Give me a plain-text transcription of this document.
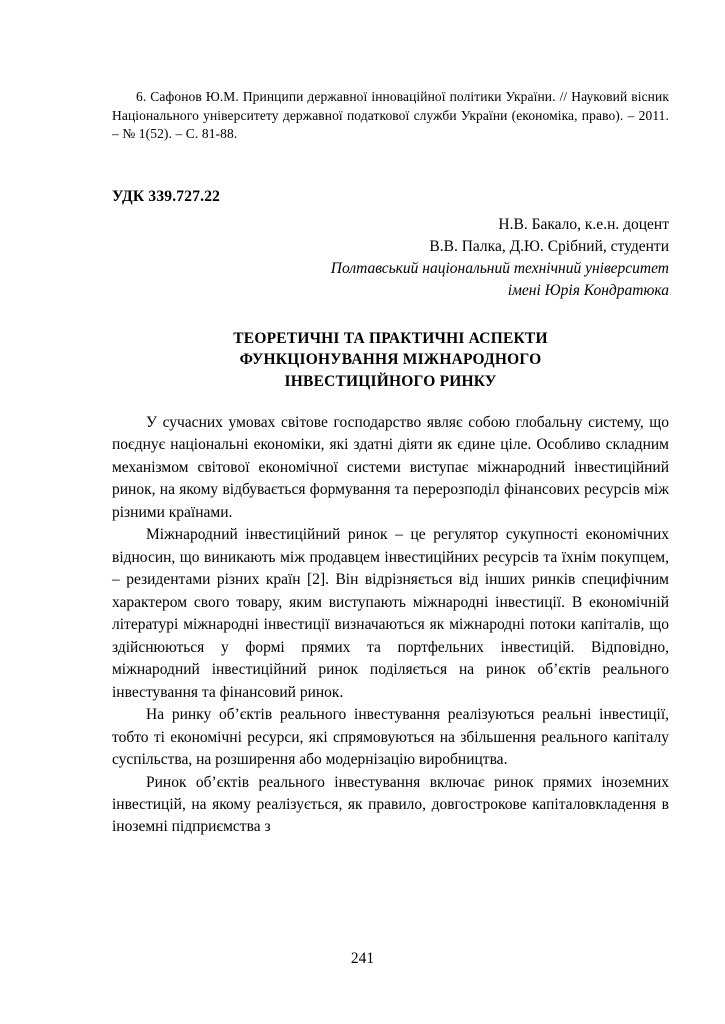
6. Сафонов Ю.М. Принципи державної інноваційної політики України. // Науковий вісник Національного університету державної податкової служби України (економіка, право). – 2011. – № 1(52). – С. 81-88.
УДК 339.727.22
Н.В. Бакало, к.е.н. доцент
В.В. Палка, Д.Ю. Срібний, студенти
Полтавський національний технічний університет
імені Юрія Кондратюка
ТЕОРЕТИЧНІ ТА ПРАКТИЧНІ АСПЕКТИ
ФУНКЦІОНУВАННЯ МІЖНАРОДНОГО
ІНВЕСТИЦІЙНОГО РИНКУ

У сучасних умовах світове господарство являє собою глобальну систему, що поєднує національні економіки, які здатні діяти як єдине ціле. Особливо складним механізмом світової економічної системи виступає міжнародний інвестиційний ринок, на якому відбувається формування та перерозподіл фінансових ресурсів між різними країнами.

Міжнародний інвестиційний ринок – це регулятор сукупності економічних відносин, що виникають між продавцем інвестиційних ресурсів та їхнім покупцем, – резидентами різних країн [2]. Він відрізняється від інших ринків специфічним характером свого товару, яким виступають міжнародні інвестиції. В економічній літературі міжнародні інвестиції визначаються як міжнародні потоки капіталів, що здійснюються у формі прямих та портфельних інвестицій. Відповідно, міжнародний інвестиційний ринок поділяється на ринок об’єктів реального інвестування та фінансовий ринок.

На ринку об’єктів реального інвестування реалізуються реальні інвестиції, тобто ті економічні ресурси, які спрямовуються на збільшення реального капіталу суспільства, на розширення або модернізацію виробництва.

Ринок об’єктів реального інвестування включає ринок прямих іноземних інвестицій, на якому реалізується, як правило, довгострокове капіталовкладення в іноземні підприємства з

241
